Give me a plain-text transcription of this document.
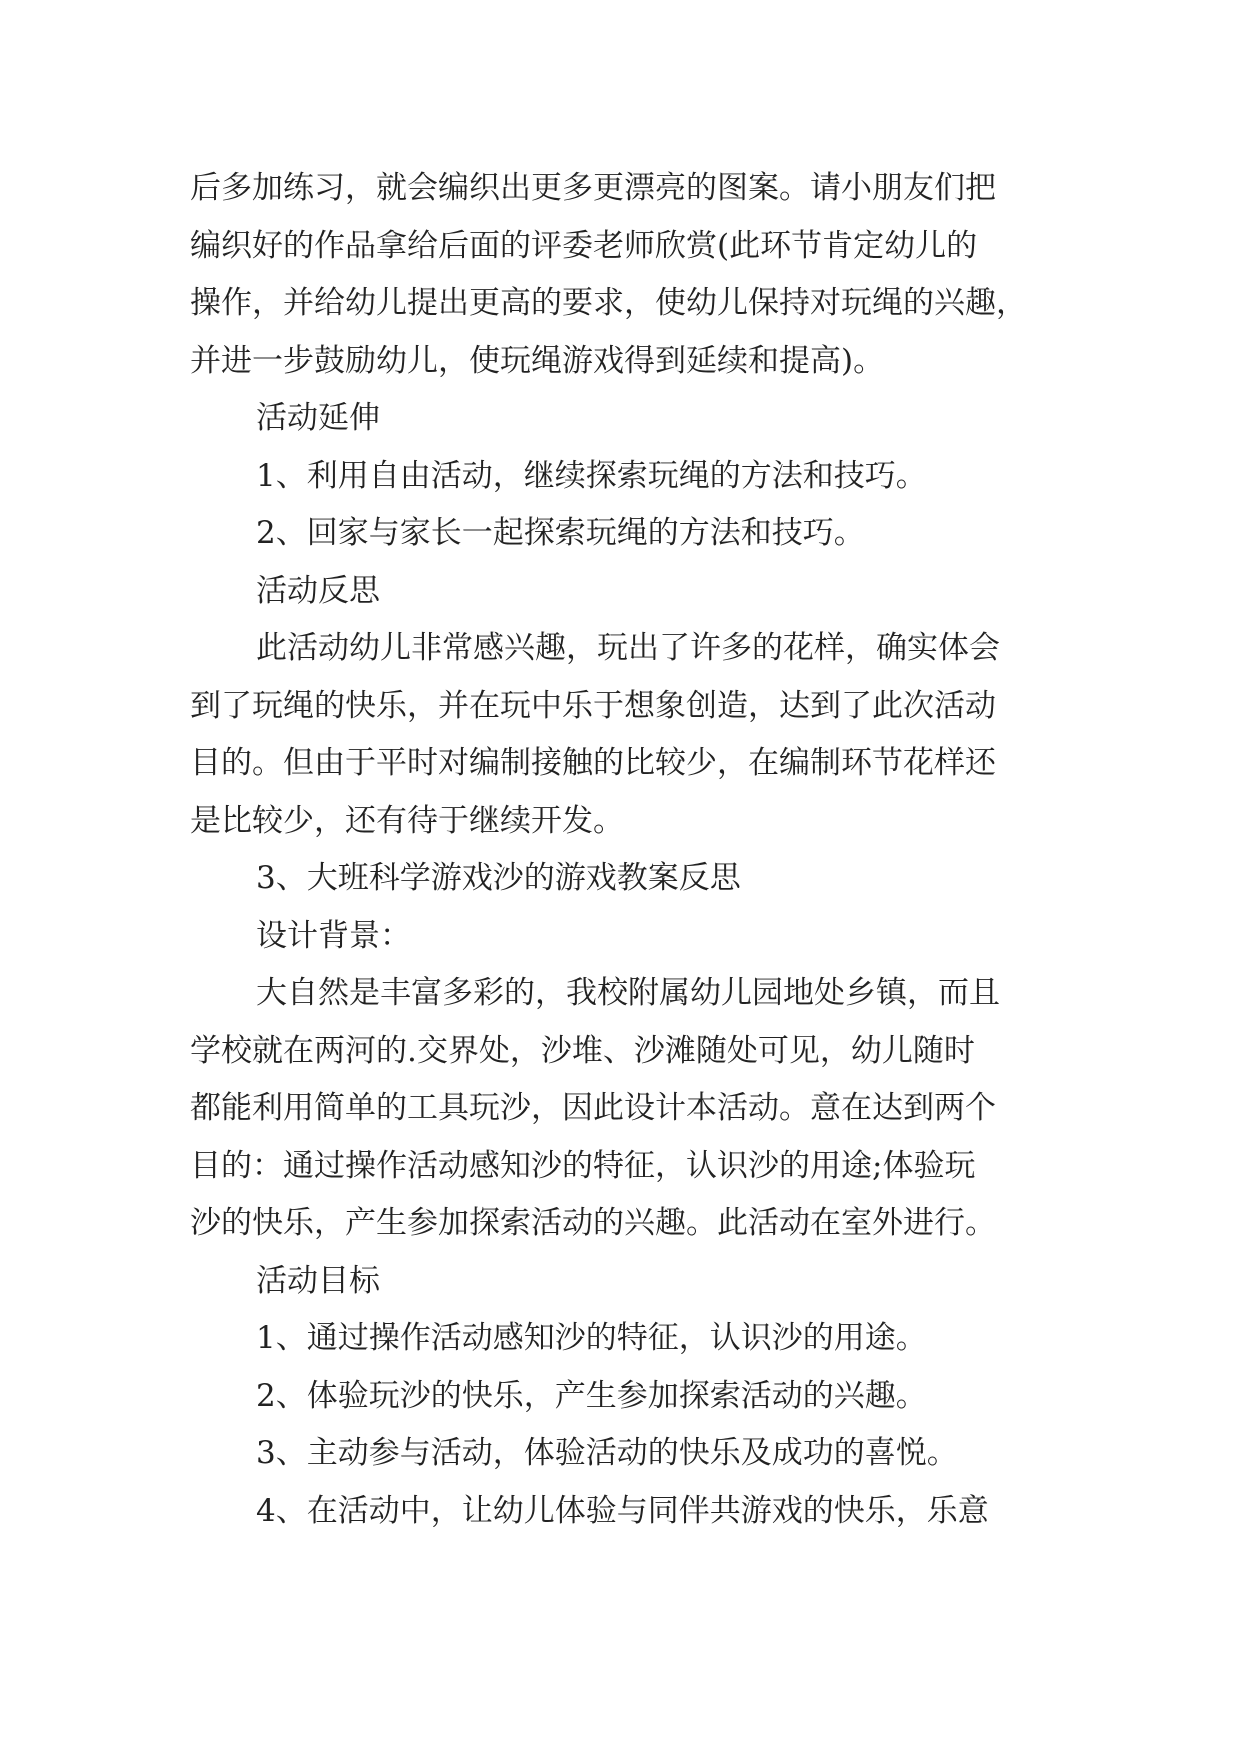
后多加练习，就会编织出更多更漂亮的图案。请小朋友们把
编织好的作品拿给后面的评委老师欣赏(此环节肯定幼儿的
操作，并给幼儿提出更高的要求，使幼儿保持对玩绳的兴趣，
并进一步鼓励幼儿，使玩绳游戏得到延续和提高)。
活动延伸
1、利用自由活动，继续探索玩绳的方法和技巧。
2、回家与家长一起探索玩绳的方法和技巧。
活动反思
此活动幼儿非常感兴趣，玩出了许多的花样，确实体会
到了玩绳的快乐，并在玩中乐于想象创造，达到了此次活动
目的。但由于平时对编制接触的比较少，在编制环节花样还
是比较少，还有待于继续开发。
3、大班科学游戏沙的游戏教案反思
设计背景：
大自然是丰富多彩的，我校附属幼儿园地处乡镇，而且
学校就在两河的.交界处，沙堆、沙滩随处可见，幼儿随时
都能利用简单的工具玩沙，因此设计本活动。意在达到两个
目的：通过操作活动感知沙的特征，认识沙的用途;体验玩
沙的快乐，产生参加探索活动的兴趣。此活动在室外进行。
活动目标
1、通过操作活动感知沙的特征，认识沙的用途。
2、体验玩沙的快乐，产生参加探索活动的兴趣。
3、主动参与活动，体验活动的快乐及成功的喜悦。
4、在活动中，让幼儿体验与同伴共游戏的快乐，乐意
